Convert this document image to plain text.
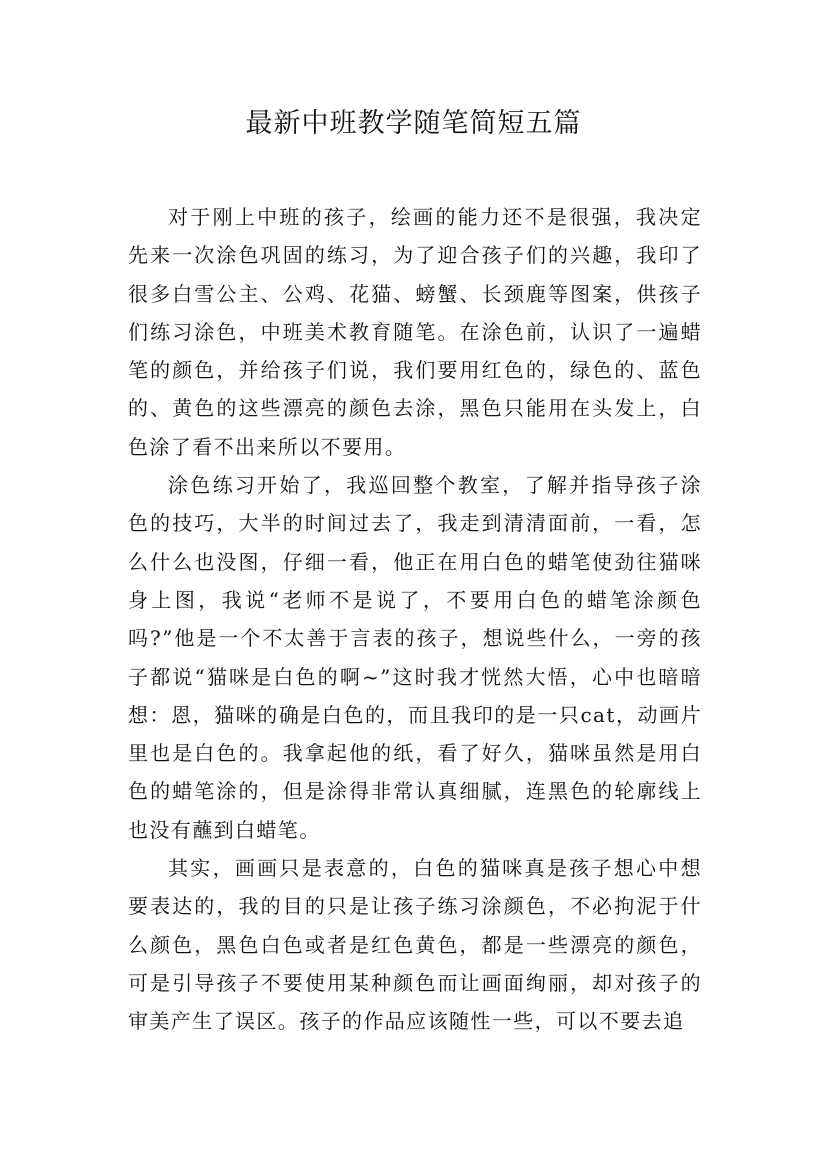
最新中班教学随笔简短五篇

对于刚上中班的孩子，绘画的能力还不是很强，我决定先来一次涂色巩固的练习，为了迎合孩子们的兴趣，我印了很多白雪公主、公鸡、花猫、螃蟹、长颈鹿等图案，供孩子们练习涂色，中班美术教育随笔。在涂色前，认识了一遍蜡笔的颜色，并给孩子们说，我们要用红色的，绿色的、蓝色的、黄色的这些漂亮的颜色去涂，黑色只能用在头发上，白色涂了看不出来所以不要用。

涂色练习开始了，我巡回整个教室，了解并指导孩子涂色的技巧，大半的时间过去了，我走到清清面前，一看，怎么什么也没图，仔细一看，他正在用白色的蜡笔使劲往猫咪身上图，我说“老师不是说了，不要用白色的蜡笔涂颜色吗?”他是一个不太善于言表的孩子，想说些什么，一旁的孩子都说“猫咪是白色的啊~”这时我才恍然大悟，心中也暗暗想：恩，猫咪的确是白色的，而且我印的是一只cat，动画片里也是白色的。我拿起他的纸，看了好久，猫咪虽然是用白色的蜡笔涂的，但是涂得非常认真细腻，连黑色的轮廓线上也没有蘸到白蜡笔。

其实，画画只是表意的，白色的猫咪真是孩子想心中想要表达的，我的目的只是让孩子练习涂颜色，不必拘泥于什么颜色，黑色白色或者是红色黄色，都是一些漂亮的颜色，可是引导孩子不要使用某种颜色而让画面绚丽，却对孩子的审美产生了误区。孩子的作品应该随性一些，可以不要去追
